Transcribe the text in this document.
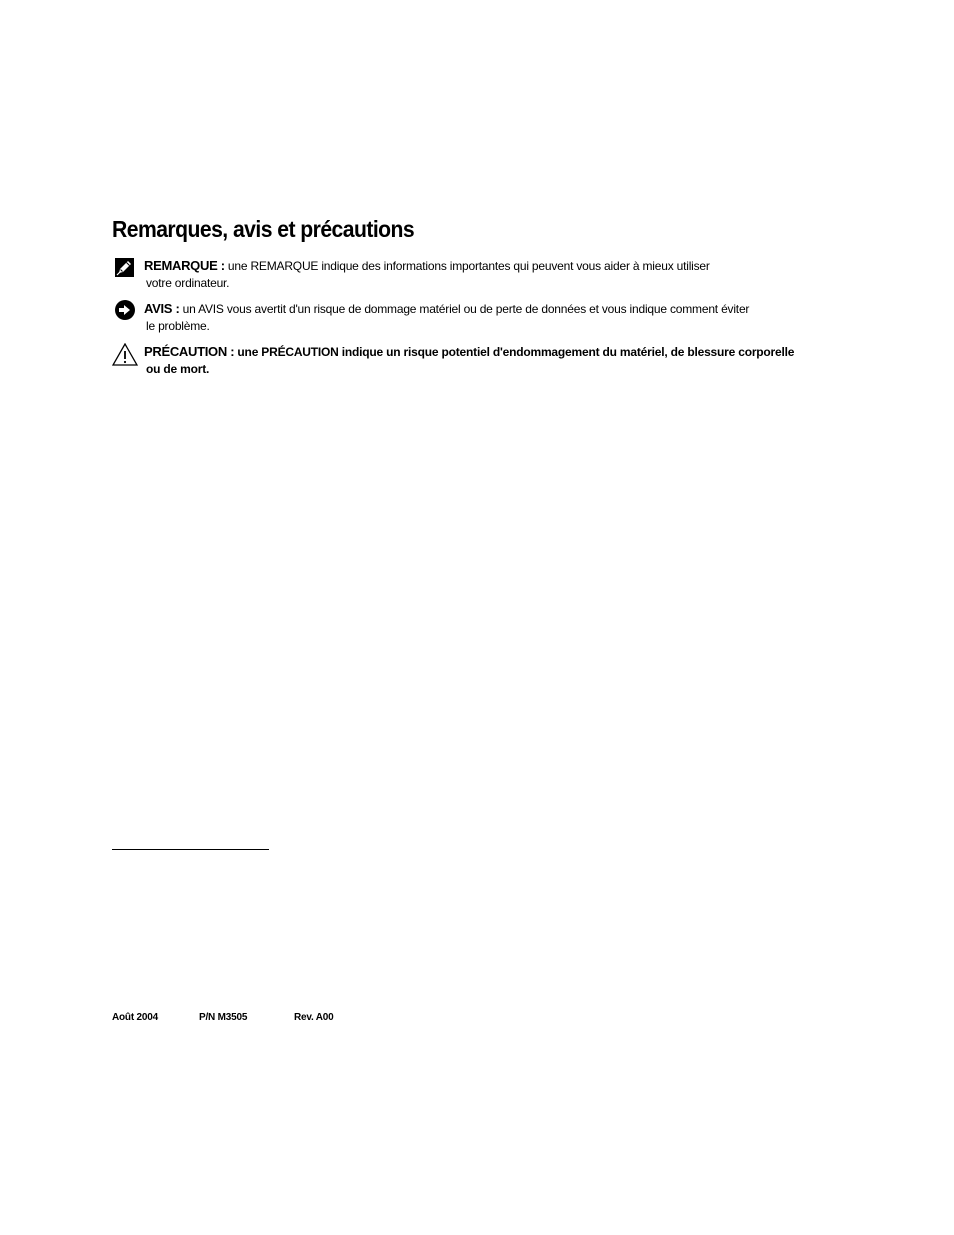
Remarques, avis et précautions
REMARQUE : une REMARQUE indique des informations importantes qui peuvent vous aider à mieux utiliser
votre ordinateur.
AVIS : un AVIS vous avertit d'un risque de dommage matériel ou de perte de données et vous indique comment éviter
le problème.
PRÉCAUTION : une PRÉCAUTION indique un risque potentiel d'endommagement du matériel, de blessure corporelle
ou de mort.
Août 2004	P/N M3505	Rev. A00
